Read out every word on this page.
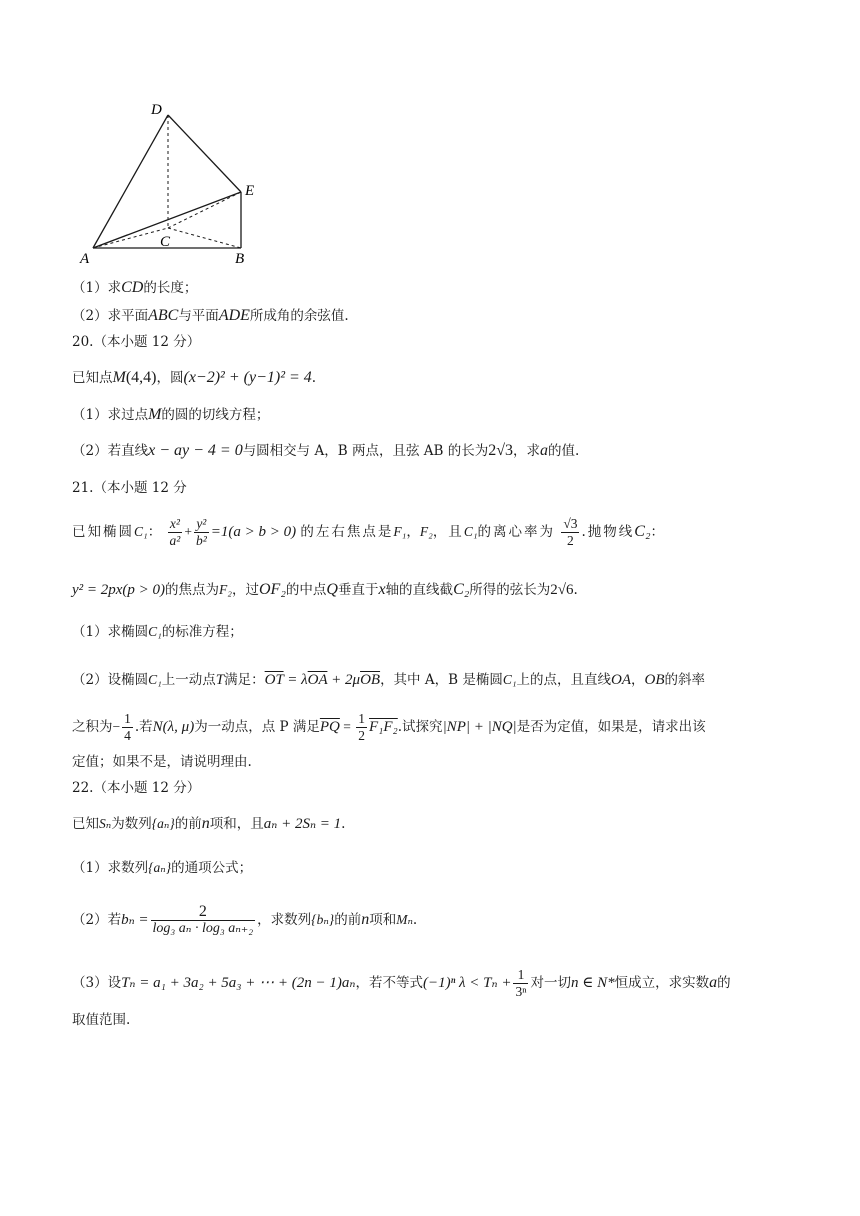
D
E
C
A	B
（1）求CD的长度；
（2）求平面ABC与平面ADE所成角的余弦值.
20.（本小题 12 分）
已知点M(4,4)，圆(x−2)² + (y−1)² = 4.
（1）求过点M的圆的切线方程；
（2）若直线x − ay − 4 = 0与圆相交与 A，B 两点，且弦 AB 的长为2√3，求a的值.
21.（本小题 12 分
已知椭圆C₁： $\frac{\text{x²}}{\text{a²}} + \frac{\text{y²}}{\text{b²}} =1(a > b > 0)$ 的左右焦点是F₁，F₂，且C₁的离心率为 $\frac{√3}{2}$ .抛物线C₂：
y² = 2px(p > 0)的焦点为F₂，过OF₂的中点Q垂直于x轴的直线截C₂所得的弦长为2√6.
（1）求椭圆C₁的标准方程；
（2）设椭圆C₁上一动点T满足：$\overline{OT} = \lambda\overline{OA} + 2\mu\overline{OB}$，其中 A，B 是椭圆C₁上的点，且直线OA，OB的斜率
之积为− $\frac{1}{4}$ .若N(λ, μ)为一动点，点 P 满足$\overline{PQ} = \frac{1}{2} F_1F_2$.试探究|NP| + |NQ|是否为定值，如果是，请求出该
定值；如果不是，请说明理由.
22.（本小题 12 分）
已知Sₙ为数列{aₙ}的前n项和，且aₙ + 2Sₙ = 1.
（1）求数列{aₙ}的通项公式；
（2）若$b_n = \frac{2}{\text{log₃ aₙ · log₃ aₙ₊₂}}$ ，求数列{bₙ}的前n项和Mₙ.
（3）设Tₙ = a₁ + 3a₂ + 5a₃ + ⋯ + (2n − 1)aₙ，若不等式(−1)ⁿ $\lambda < T_n + \frac{1}{\text{3ⁿ}}$ 对一切n ∈ N*恒成立，求实数a的
取值范围.
